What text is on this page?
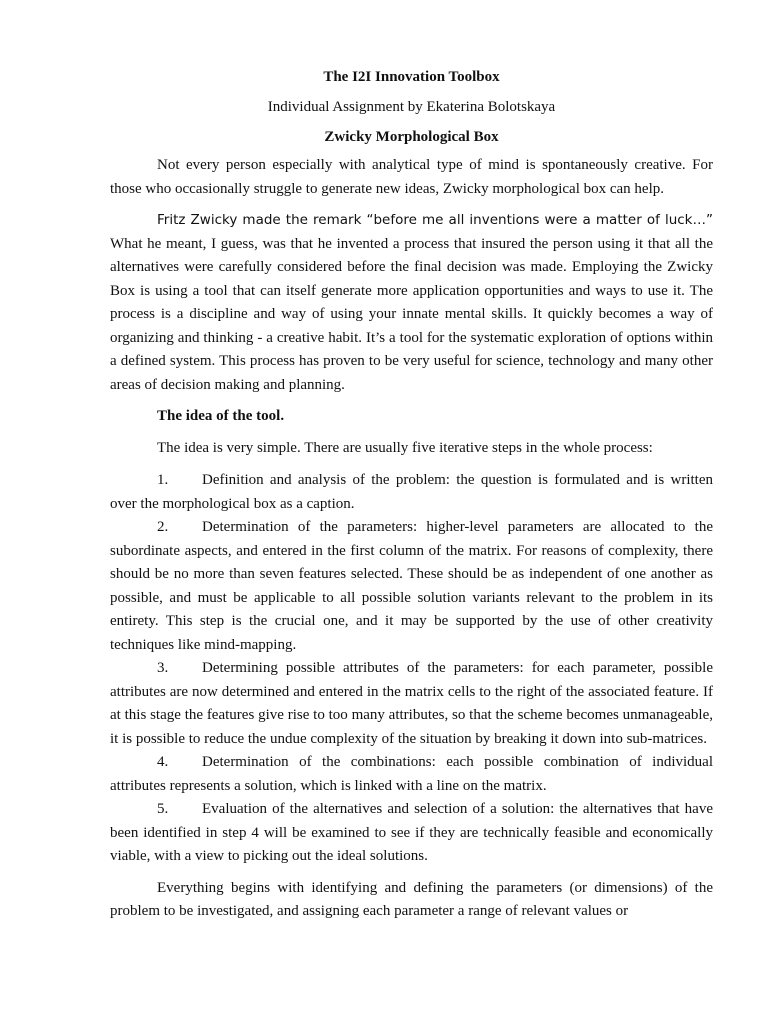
The I2I Innovation Toolbox

Individual Assignment by Ekaterina Bolotskaya

Zwicky Morphological Box

Not every person especially with analytical type of mind is spontaneously creative. For those who occasionally struggle to generate new ideas, Zwicky morphological box can help.

Fritz Zwicky made the remark “before me all inventions were a matter of luck…” What he meant, I guess, was that he invented a process that insured the person using it that all the alternatives were carefully considered before the final decision was made. Employing the Zwicky Box is using a tool that can itself generate more application opportunities and ways to use it. The process is a discipline and way of using your innate mental skills. It quickly becomes a way of organizing and thinking - a creative habit. It’s a tool for the systematic exploration of options within a defined system. This process has proven to be very useful for science, technology and many other areas of decision making and planning.

The idea of the tool.

The idea is very simple. There are usually five iterative steps in the whole process:

1. Definition and analysis of the problem: the question is formulated and is written over the morphological box as a caption.
2. Determination of the parameters: higher-level parameters are allocated to the subordinate aspects, and entered in the first column of the matrix. For reasons of complexity, there should be no more than seven features selected. These should be as independent of one another as possible, and must be applicable to all possible solution variants relevant to the problem in its entirety. This step is the crucial one, and it may be supported by the use of other creativity techniques like mind-mapping.
3. Determining possible attributes of the parameters: for each parameter, possible attributes are now determined and entered in the matrix cells to the right of the associated feature. If at this stage the features give rise to too many attributes, so that the scheme becomes unmanageable, it is possible to reduce the undue complexity of the situation by breaking it down into sub-matrices.
4. Determination of the combinations: each possible combination of individual attributes represents a solution, which is linked with a line on the matrix.
5. Evaluation of the alternatives and selection of a solution: the alternatives that have been identified in step 4 will be examined to see if they are technically feasible and economically viable, with a view to picking out the ideal solutions.

Everything begins with identifying and defining the parameters (or dimensions) of the problem to be investigated, and assigning each parameter a range of relevant values or
